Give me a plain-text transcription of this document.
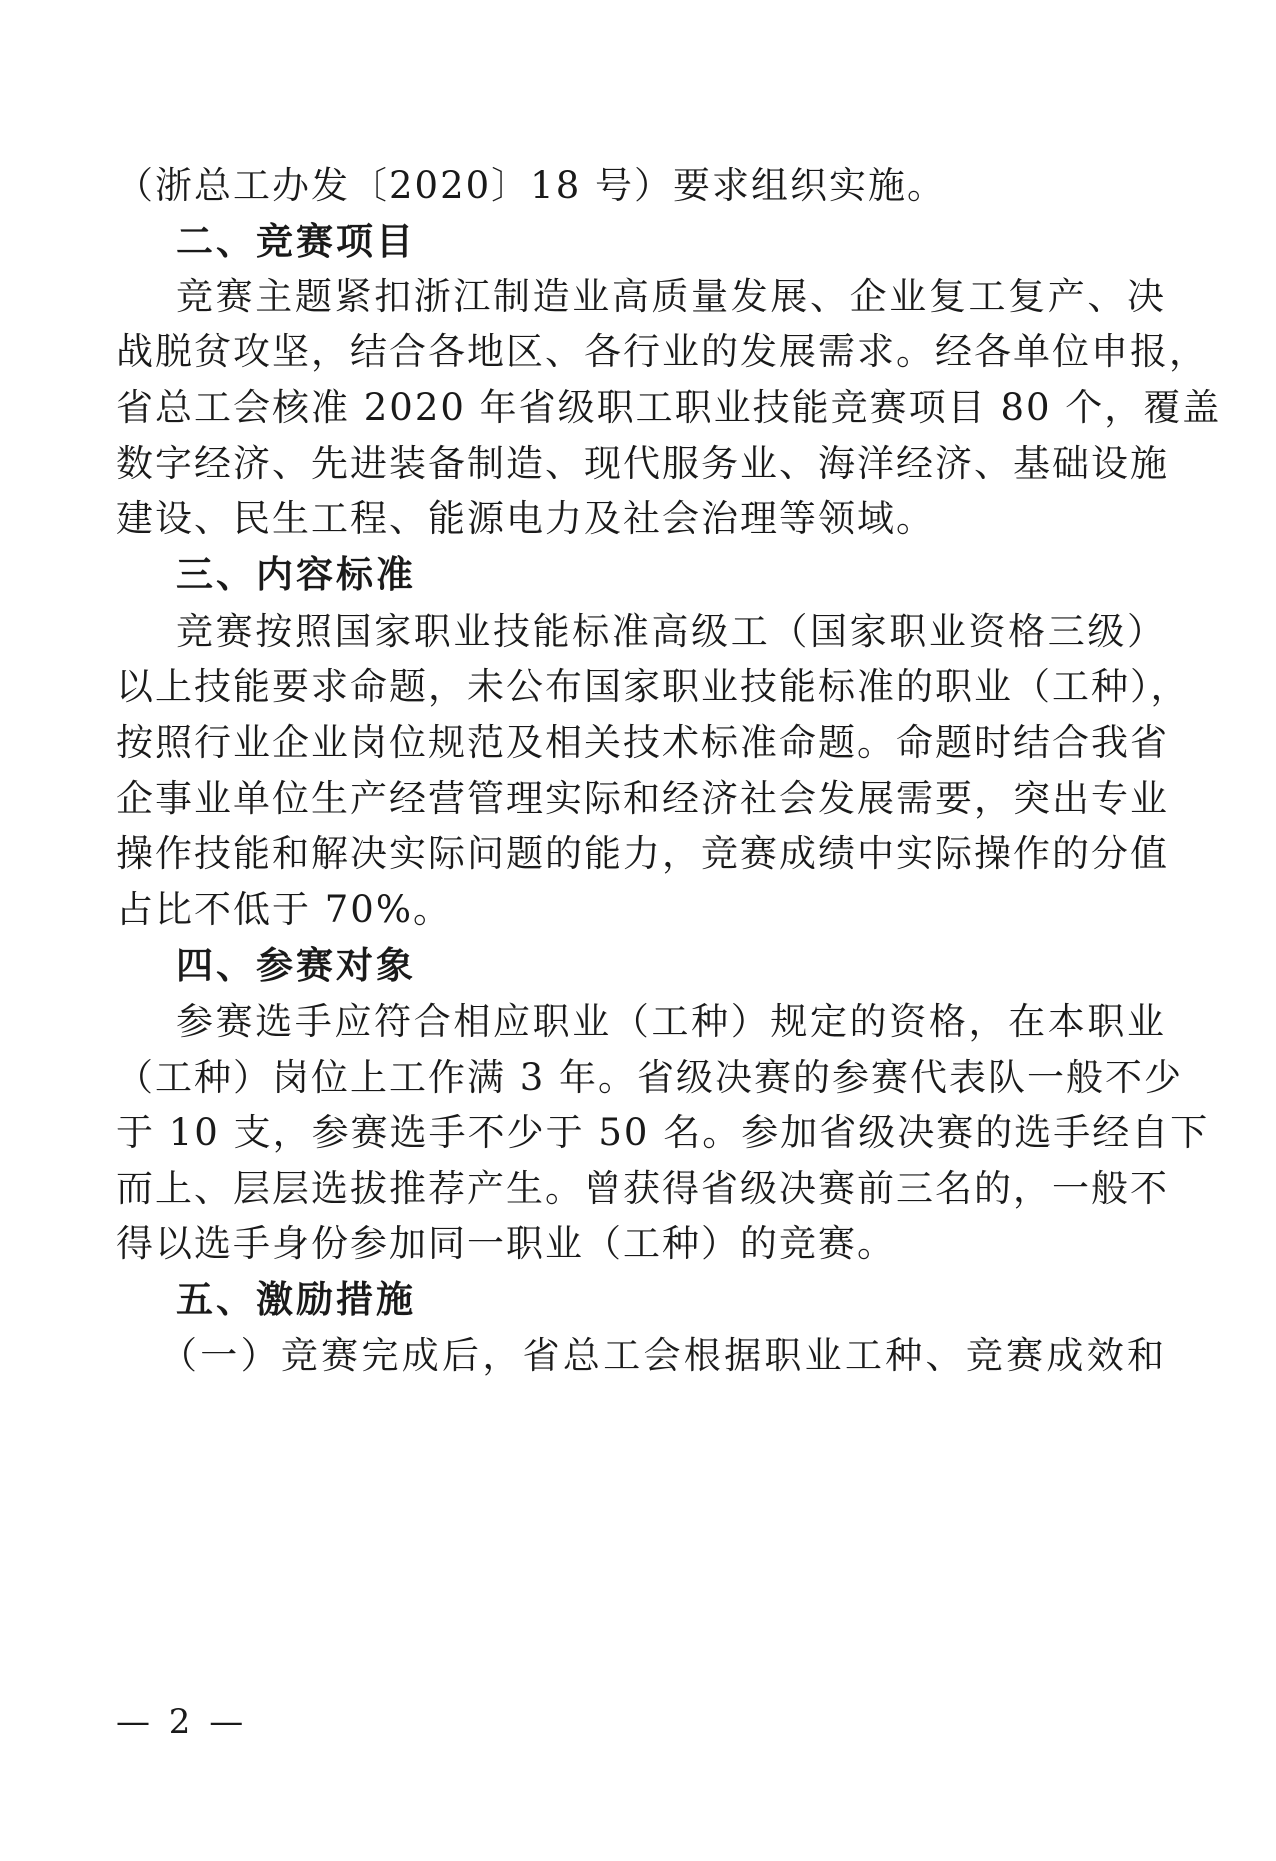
（浙总工办发〔2020〕18 号）要求组织实施。
二、竞赛项目
竞赛主题紧扣浙江制造业高质量发展、企业复工复产、决
战脱贫攻坚，结合各地区、各行业的发展需求。经各单位申报，
省总工会核准 2020 年省级职工职业技能竞赛项目 80 个，覆盖
数字经济、先进装备制造、现代服务业、海洋经济、基础设施
建设、民生工程、能源电力及社会治理等领域。
三、内容标准
竞赛按照国家职业技能标准高级工（国家职业资格三级）
以上技能要求命题，未公布国家职业技能标准的职业（工种），
按照行业企业岗位规范及相关技术标准命题。命题时结合我省
企事业单位生产经营管理实际和经济社会发展需要，突出专业
操作技能和解决实际问题的能力，竞赛成绩中实际操作的分值
占比不低于 70%。
四、参赛对象
参赛选手应符合相应职业（工种）规定的资格，在本职业
（工种）岗位上工作满 3 年。省级决赛的参赛代表队一般不少
于 10 支，参赛选手不少于 50 名。参加省级决赛的选手经自下
而上、层层选拔推荐产生。曾获得省级决赛前三名的，一般不
得以选手身份参加同一职业（工种）的竞赛。
五、激励措施
（一）竞赛完成后，省总工会根据职业工种、竞赛成效和
— 2 —
